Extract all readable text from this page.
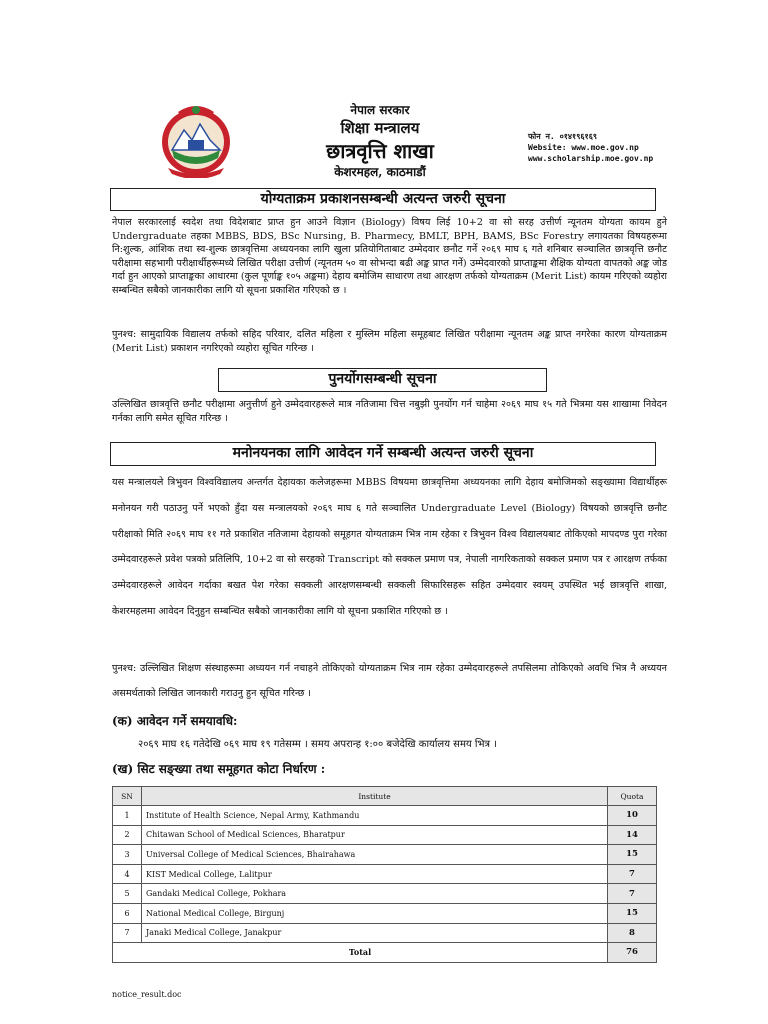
नेपाल सरकार
शिक्षा मन्त्रालय
छात्रवृत्ति शाखा
केशरमहल, काठमाडौं
फोन न. ०१४१९६१६९
Website: www.moe.gov.np
www.scholarship.moe.gov.np
योग्यताक्रम प्रकाशनसम्बन्धी अत्यन्त जरुरी सूचना
नेपाल सरकारलाई स्वदेश तथा विदेशबाट प्राप्त हुन आउने विज्ञान (Biology) विषय लिई 10+2 वा सो सरह उत्तीर्ण न्यूनतम योग्यता कायम हुने Undergraduate तहका MBBS, BDS, BSc Nursing, B. Pharmecy, BMLT, BPH, BAMS, BSc Forestry लगायतका विषयहरूमा नि:शुल्क, आंशिक तथा स्व-शुल्क छात्रवृत्तिमा अध्ययनका लागि खुला प्रतियोगिताबाट उम्मेदवार छनौट गर्ने २०६९ माघ ६ गते शनिबार सञ्चालित छात्रवृत्ति छनौट परीक्षामा सहभागी परीक्षार्थीहरूमध्ये लिखित परीक्षा उत्तीर्ण (न्यूनतम ५० वा सोभन्दा बढी अङ्क प्राप्त गर्ने) उम्मेदवारको प्राप्ताङ्कमा शैक्षिक योग्यता वापतको अङ्क जोड गर्दा हुन आएको प्राप्ताङ्कका आधारमा (कुल पूर्णाङ्क १०५ अङ्कमा) देहाय बमोजिम साधारण तथा आरक्षण तर्फको योग्यताक्रम (Merit List) कायम गरिएको व्यहोरा सम्बन्धित सबैको जानकारीका लागि यो सूचना प्रकाशित गरिएको छ ।
पुनश्च: सामुदायिक विद्यालय तर्फको सहिद परिवार, दलित महिला र मुस्लिम महिला समूहबाट लिखित परीक्षामा न्यूनतम अङ्क प्राप्त नगरेका कारण योग्यताक्रम (Merit List) प्रकाशन नगरिएको व्यहोरा सूचित गरिन्छ ।
पुनर्योगसम्बन्धी सूचना
उल्लिखित छात्रवृत्ति छनौट परीक्षामा अनुत्तीर्ण हुने उम्मेदवारहरूले मात्र नतिजामा चित्त नबुझी पुनर्योग गर्न चाहेमा २०६९ माघ १५ गते भित्रमा यस शाखामा निवेदन गर्नका लागि समेत सूचित गरिन्छ ।
मनोनयनका लागि आवेदन गर्ने सम्बन्धी अत्यन्त जरुरी सूचना
यस मन्त्रालयले त्रिभुवन विश्वविद्यालय अन्तर्गत देहायका कलेजहरूमा MBBS विषयमा छात्रवृत्तिमा अध्ययनका लागि देहाय बमोजिमको सङ्ख्यामा विद्यार्थीहरू मनोनयन गरी पठाउनु पर्ने भएको हुँदा यस मन्त्रालयको २०६९ माघ ६ गते सञ्चालित Undergraduate Level (Biology) विषयको छात्रवृत्ति छनौट परीक्षाको मिति २०६९ माघ ११ गते प्रकाशित नतिजामा देहायको समूहगत योग्यताक्रम भित्र नाम रहेका र त्रिभुवन विश्व विद्यालयबाट तोकिएको मापदण्ड पुरा गरेका उम्मेदवारहरूले प्रवेश पत्रको प्रतिलिपि, 10+2 वा सो सरहको Transcript को सक्कल प्रमाण पत्र, नेपाली नागरिकताको सक्कल प्रमाण पत्र र आरक्षण तर्फका उम्मेदवारहरूले आवेदन गर्दाका बखत पेश गरेका सक्कली आरक्षणसम्बन्धी सक्कली सिफारिसहरू सहित उम्मेदवार स्वयम् उपस्थित भई छात्रवृत्ति शाखा, केशरमहलमा आवेदन दिनुहुन सम्बन्धित सबैको जानकारीका लागि यो सूचना प्रकाशित गरिएको छ ।
पुनश्च: उल्लिखित शिक्षण संस्थाहरूमा अध्ययन गर्न नचाहने तोकिएको योग्यताक्रम भित्र नाम रहेका उम्मेदवारहरूले तपसिलमा तोकिएको अवधि भित्र नै अध्ययन असमर्थताको लिखित जानकारी गराउनु हुन सूचित गरिन्छ ।
(क) आवेदन गर्ने समयावधि:
२०६९ माघ १६ गतेदेखि ०६९ माघ १९ गतेसम्म । समय अपरान्ह १:०० बजेदेखि कार्यालय समय भित्र ।
(ख) सिट सङ्ख्या तथा समूहगत कोटा निर्धारण :
SN	Institute	Quota
1	Institute of Health Science, Nepal Army, Kathmandu	10
2	Chitawan School of Medical Sciences, Bharatpur	14
3	Universal College of Medical Sciences, Bhairahawa	15
4	KIST Medical College, Lalitpur	7
5	Gandaki Medical College, Pokhara	7
6	National Medical College, Birgunj	15
7	Janaki Medical College, Janakpur	8
Total		76
notice_result.doc
